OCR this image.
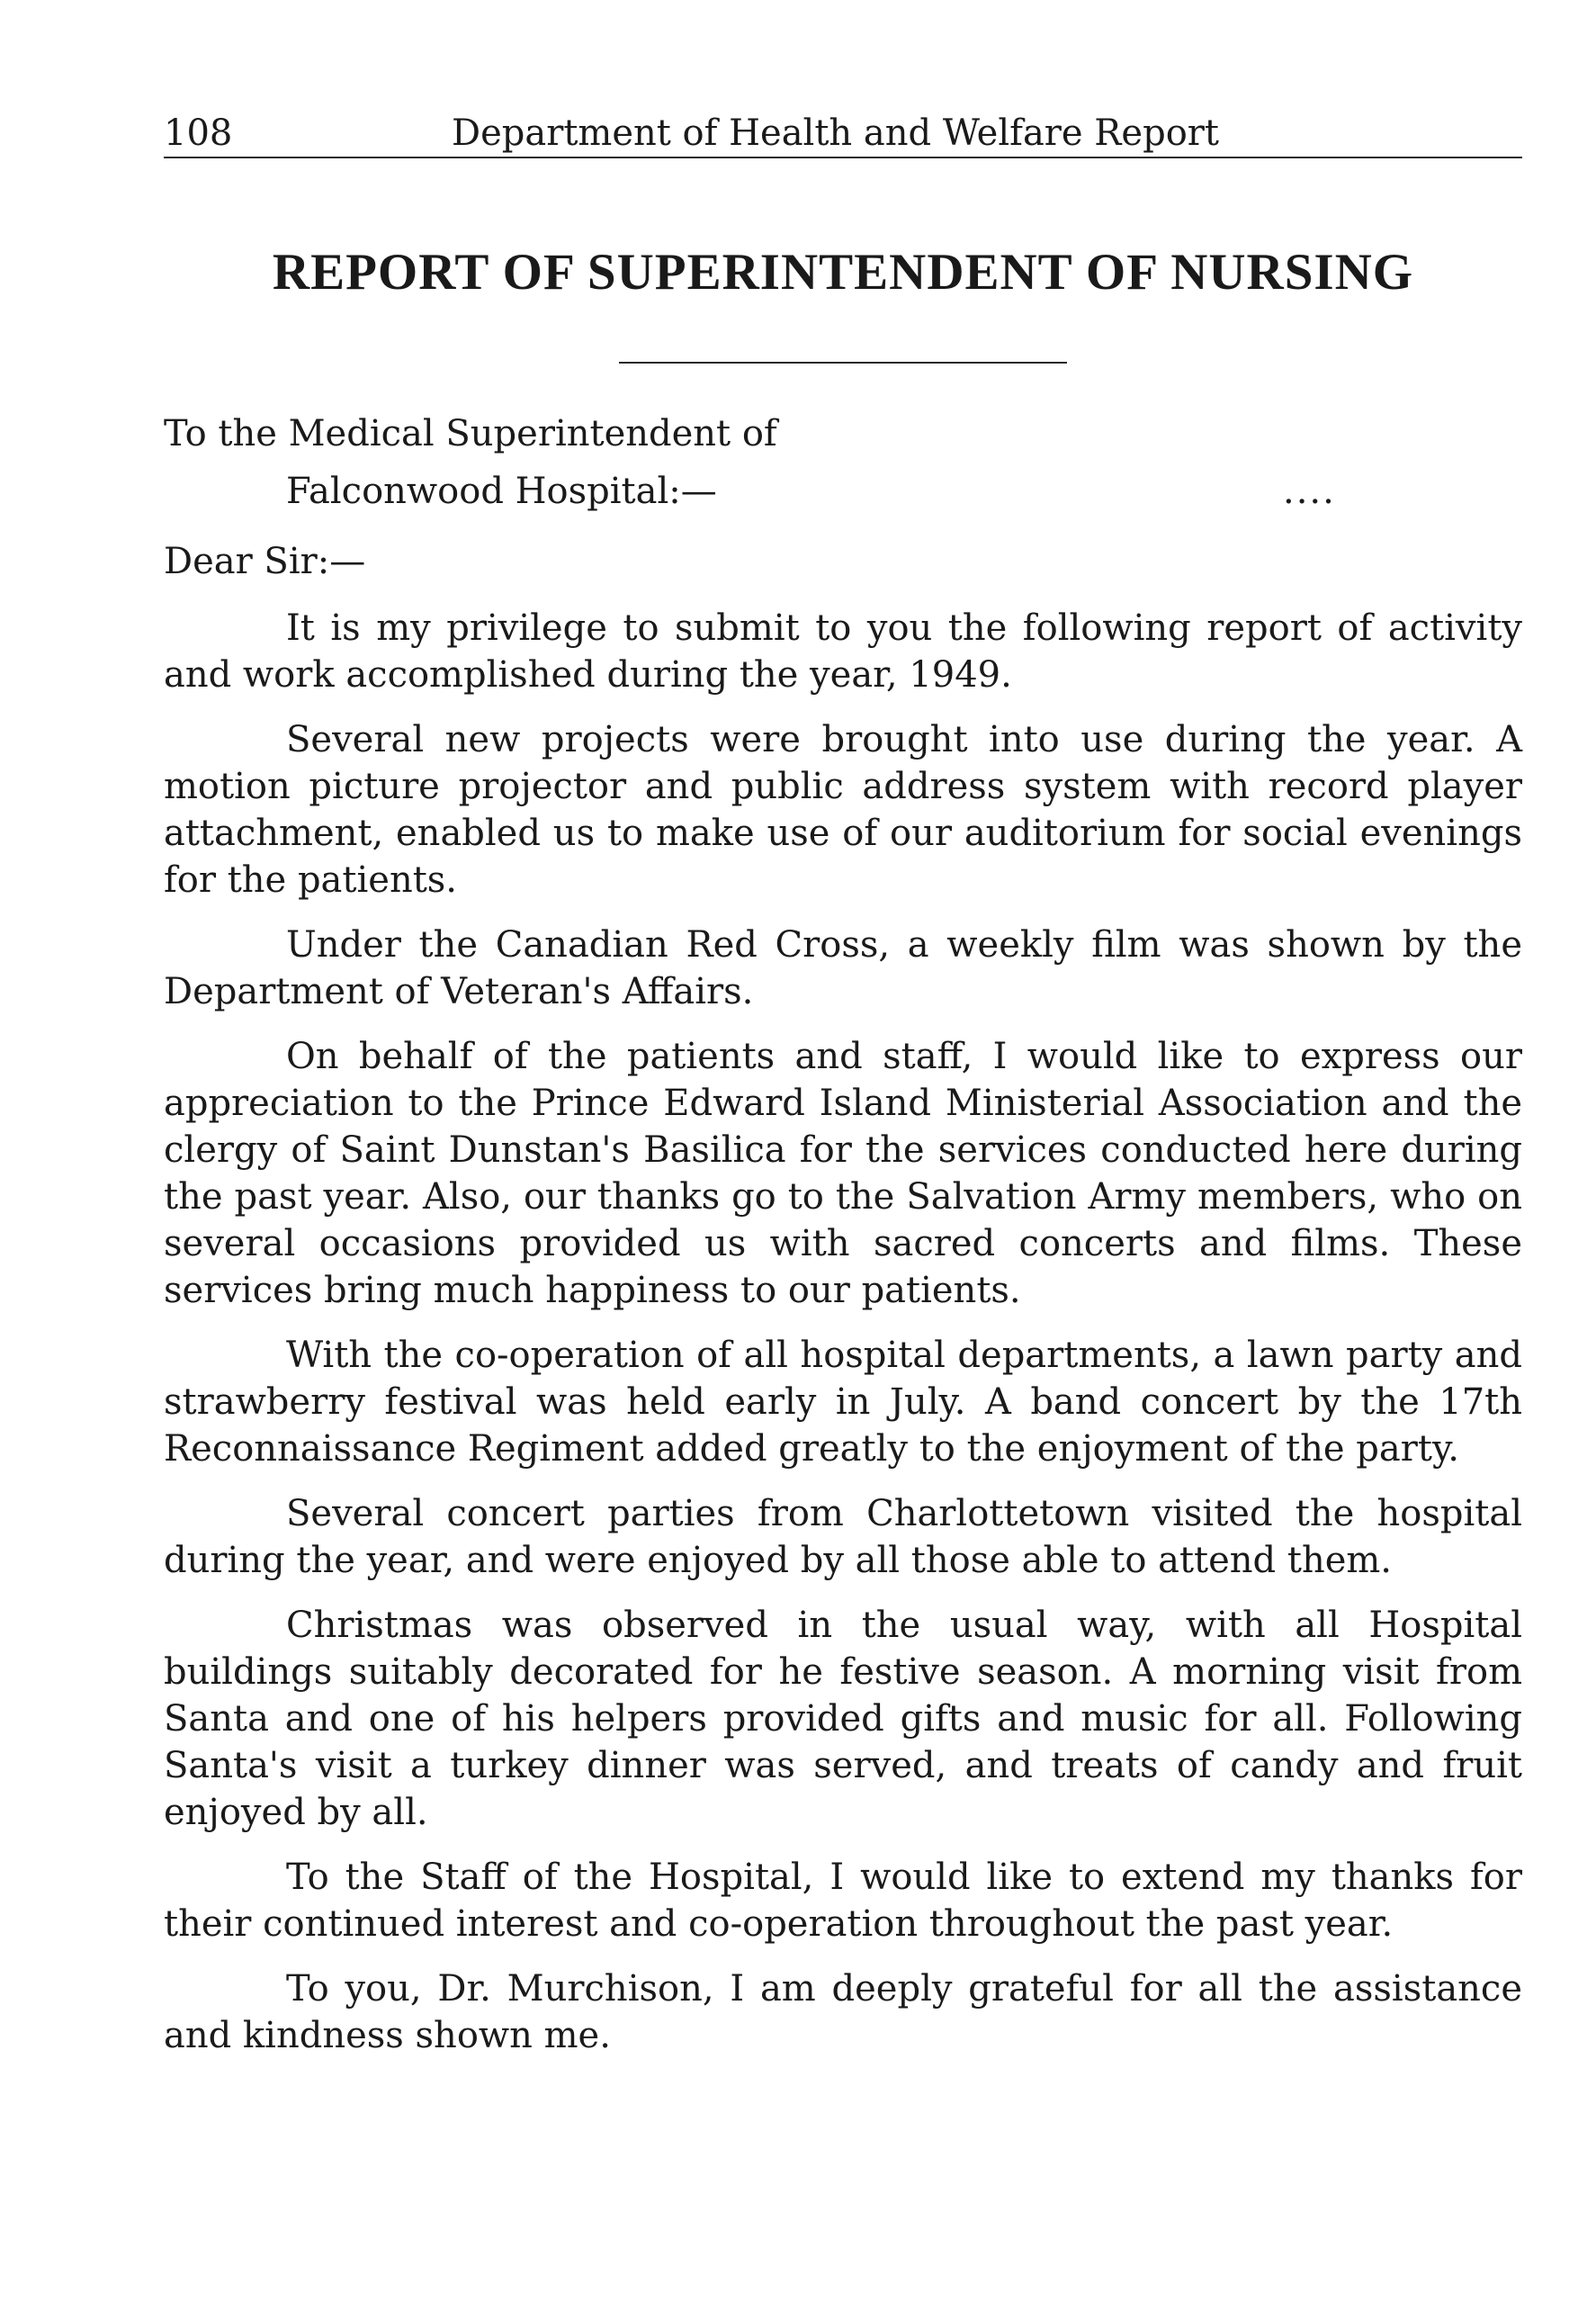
108	Department of Health and Welfare Report
REPORT OF SUPERINTENDENT OF NURSING
To the Medical Superintendent of
Falconwood Hospital:—	....
Dear Sir:—

It is my privilege to submit to you the following report of activity and work accomplished during the year, 1949.

Several new projects were brought into use during the year. A motion picture projector and public address system with record player attachment, enabled us to make use of our auditorium for social evenings for the patients.

Under the Canadian Red Cross, a weekly film was shown by the Department of Veteran's Affairs.

On behalf of the patients and staff, I would like to express our appreciation to the Prince Edward Island Ministerial Association and the clergy of Saint Dunstan's Basilica for the services conducted here during the past year. Also, our thanks go to the Salvation Army members, who on several occasions provided us with sacred concerts and films. These services bring much happiness to our patients.

With the co-operation of all hospital departments, a lawn party and strawberry festival was held early in July. A band concert by the 17th Reconnaissance Regiment added greatly to the enjoyment of the party.

Several concert parties from Charlottetown visited the hospital during the year, and were enjoyed by all those able to attend them.

Christmas was observed in the usual way, with all Hospital buildings suitably decorated for he festive season. A morning visit from Santa and one of his helpers provided gifts and music for all. Following Santa's visit a turkey dinner was served, and treats of candy and fruit enjoyed by all.

To the Staff of the Hospital, I would like to extend my thanks for their continued interest and co-operation throughout the past year.

To you, Dr. Murchison, I am deeply grateful for all the assistance and kindness shown me.
